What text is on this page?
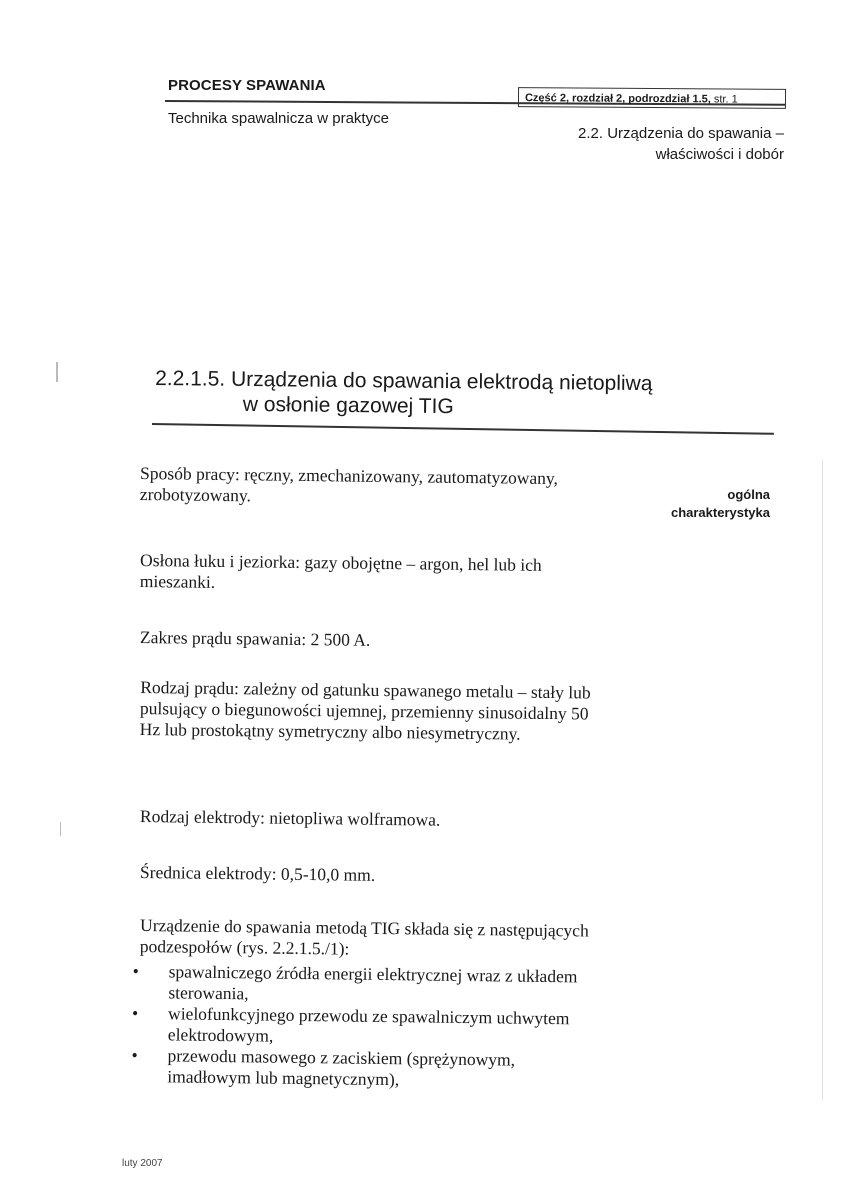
PROCESY SPAWANIA
Technika spawalnicza w praktyce
Część 2, rozdział 2, podrozdział 1.5, str. 1
2.2. Urządzenia do spawania –
właściwości i dobór
2.2.1.5. Urządzenia do spawania elektrodą nietopliwą
w osłonie gazowej TIG
ogólna
charakterystyka
Sposób pracy: ręczny, zmechanizowany, zautomatyzowany, zrobotyzowany.
Osłona łuku i jeziorka: gazy obojętne – argon, hel lub ich mieszanki.
Zakres prądu spawania: 2 500 A.
Rodzaj prądu: zależny od gatunku spawanego metalu – stały lub pulsujący o biegunowości ujemnej, przemienny sinusoidalny 50 Hz lub prostokątny symetryczny albo niesymetryczny.
Rodzaj elektrody: nietopliwa wolframowa.
Średnica elektrody: 0,5-10,0 mm.
Urządzenie do spawania metodą TIG składa się z następujących podzespołów (rys. 2.2.1.5./1):
• spawalniczego źródła energii elektrycznej wraz z układem sterowania,
• wielofunkcyjnego przewodu ze spawalniczym uchwytem elektrodowym,
• przewodu masowego z zaciskiem (sprężynowym, imadłowym lub magnetycznym),
luty 2007
